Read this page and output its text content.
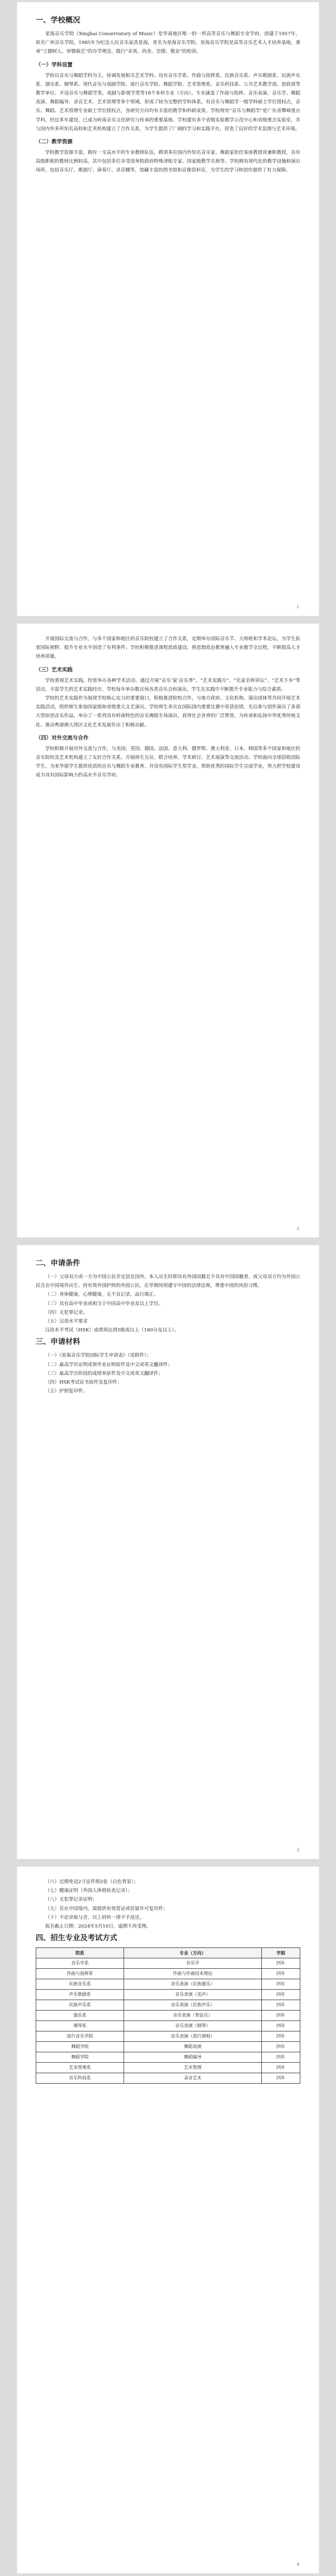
一、学校概况

星海音乐学院（Xinghai Conservatory of Music）是华南地区唯一的一所高等音乐与舞蹈专业学府，创建于1957年，原名广州音乐学院，1985年为纪念人民音乐家冼星海，更名为星海音乐学院。星海音乐学院是高等音乐艺术人才培养基地，秉承“立德树人、厚德载艺”的办学理念，践行“求真、尚美、崇德、敬业”的校训。

（一）学科设置

学校以音乐与舞蹈学科为主，协调发展相关艺术学科。设有音乐学系、作曲与指挥系、民族音乐系、声乐歌剧系、民族声乐系、器乐系、钢琴系、现代音乐与戏剧学院、流行音乐学院、舞蹈学院、艺术管理系、音乐科技系、公共艺术教学部、思政部等教学单位。开设音乐与舞蹈学类、戏剧与影视学类等18个本科专业（方向）。专业涵盖了作曲与指挥、音乐表演、音乐学、舞蹈表演、舞蹈编导、录音艺术、艺术管理等多个领域，形成了较为完整的学科体系，有音乐与舞蹈学一级学科硕士学位授权点，音乐、舞蹈、艺术管理专业硕士学位授权点，各研究方向均有丰富的教学和科研成果。学校现有“音乐与舞蹈学”是广东省攀峰重点学科，经过多年建设，已成为岭南音乐文化研究与传承的重要基地。学校建有多个省级实验教学示范中心和省级重点实验室，并与国内外多所知名高校和艺术机构建立了合作关系，为学生提供了广阔的学习和实践平台，营造了良好的学术氛围与艺术环境。

（二）教学资源

学校教学资源丰富，拥有一支高水平的专业教师队伍，聘请多位国内外知名音乐家、舞蹈家担任客座教授或兼职教授，具有高级职称的教师比例较高，其中包括多位享受国务院政府特殊津贴专家、国家级教学名师等。学校拥有现代化的教学设施和演出场所，包括音乐厅、歌剧厅、演奏厅、录音棚等，馆藏丰富的图书馆和音像资料室，为学生的学习和创作提供了有力保障。

1

开展国际交流与合作，与多个国家和地区的音乐院校建立了合作关系，定期举办国际音乐节、大师班和学术论坛，为学生拓宽国际视野、提升专业水平创造了有利条件。学校积极推进课程思政建设，将思想政治教育融入专业教学全过程，不断提高人才培养质量。

（三）艺术实践

学校重视艺术实践，经常举办各种学术活动，通过开展“音乐‘家’音乐季”、“艺术实践月”、“名家名师讲坛”、“艺术下乡”等活动，丰富学生的艺术实践经历。学校每年举办数百场各类音乐会和演出，学生在实践中不断提升专业能力与综合素质。

学校的艺术实践作为展现学校核心实力的重要窗口，积极推进院校合作，与地方政府、文化机构、演出团体等共同开展艺术实践活动，组织师生参加国家级和省级重大文艺演出。学校师生多次在国际国内重要比赛中荣获佳绩，先后参与创作演出了多部大型原创音乐作品，举办了一系列具有岭南特色的音乐舞蹈专场演出，获得社会各界的广泛赞誉，为传承和弘扬中华优秀传统文化、推动粤港澳大湾区文化艺术发展作出了积极贡献。

（四）对外交流与合作

学校积极开展对外交流与合作，与美国、英国、德国、法国、意大利、俄罗斯、澳大利亚、日本、韩国等多个国家和地区的音乐院校及艺术机构建立了友好合作关系，开展师生互访、联合培养、学术研讨、艺术展演等交流活动。学校面向全球招收国际学生，为来华留学生提供优质的音乐与舞蹈专业教育，并设有国际学生奖学金，帮助优秀的国际学生完成学业，努力把学校建设成为具有国际影响力的高水平音乐学府。

2
二、申请条件

（一）父母双方或一方为中国公民并定居在国外，本人出生时即具有外国国籍且不具有中国国籍者，或父母双方均为外国公民且在中国境外出生、持有效外国护照的外国公民，在华期间须遵守中国的法律法规，尊重中国的风俗习惯。

（二）身体健康，心理健康，无不良记录，品行端正。

（三）具有高中毕业或相当于中国高中毕业及以上学历。

（四）无犯罪记录。

（五）汉语水平要求

汉语水平考试（HSK）成绩须达到5级或以上（180分及以上）。

三、申请材料

（一）《星海音乐学院国际学生申请表》（见附件）；

（二）最高学历证明或预毕业证明原件及中文或英文翻译件；

（三）最高学历阶段的成绩单原件及中文或英文翻译件；

（四）HSK考试证书原件及复印件；

（五）护照复印件。

3

（六）近期免冠2寸证件照2张（白色背景）；

（七）健康证明（外国人体格检查记录）；

（八）无犯罪记录证明；

（九）若在中国境内，需提供有效签证或居留许可复印件；

（十）不论录取与否，以上材料一律不予退还。

报名截止日期：2024年5月10日，逾期不再受理。

四、招生专业及考试方式
院系	专业（方向）	学制
音乐学系	音乐学	四年
作曲与指挥系	作曲与作曲技术理论	四年
民族音乐系	音乐表演（民族器乐）	四年
声乐歌剧系	音乐表演（美声）	四年
民族声乐系	音乐表演（民族声乐）	四年
器乐系	音乐表演（管弦乐）	四年
钢琴系	音乐表演（钢琴）	四年
流行音乐学院	音乐表演（流行演唱）	四年
舞蹈学院	舞蹈表演	四年
舞蹈学院	舞蹈编导	四年
艺术管理系	艺术管理	四年
音乐科技系	录音艺术	四年
4
